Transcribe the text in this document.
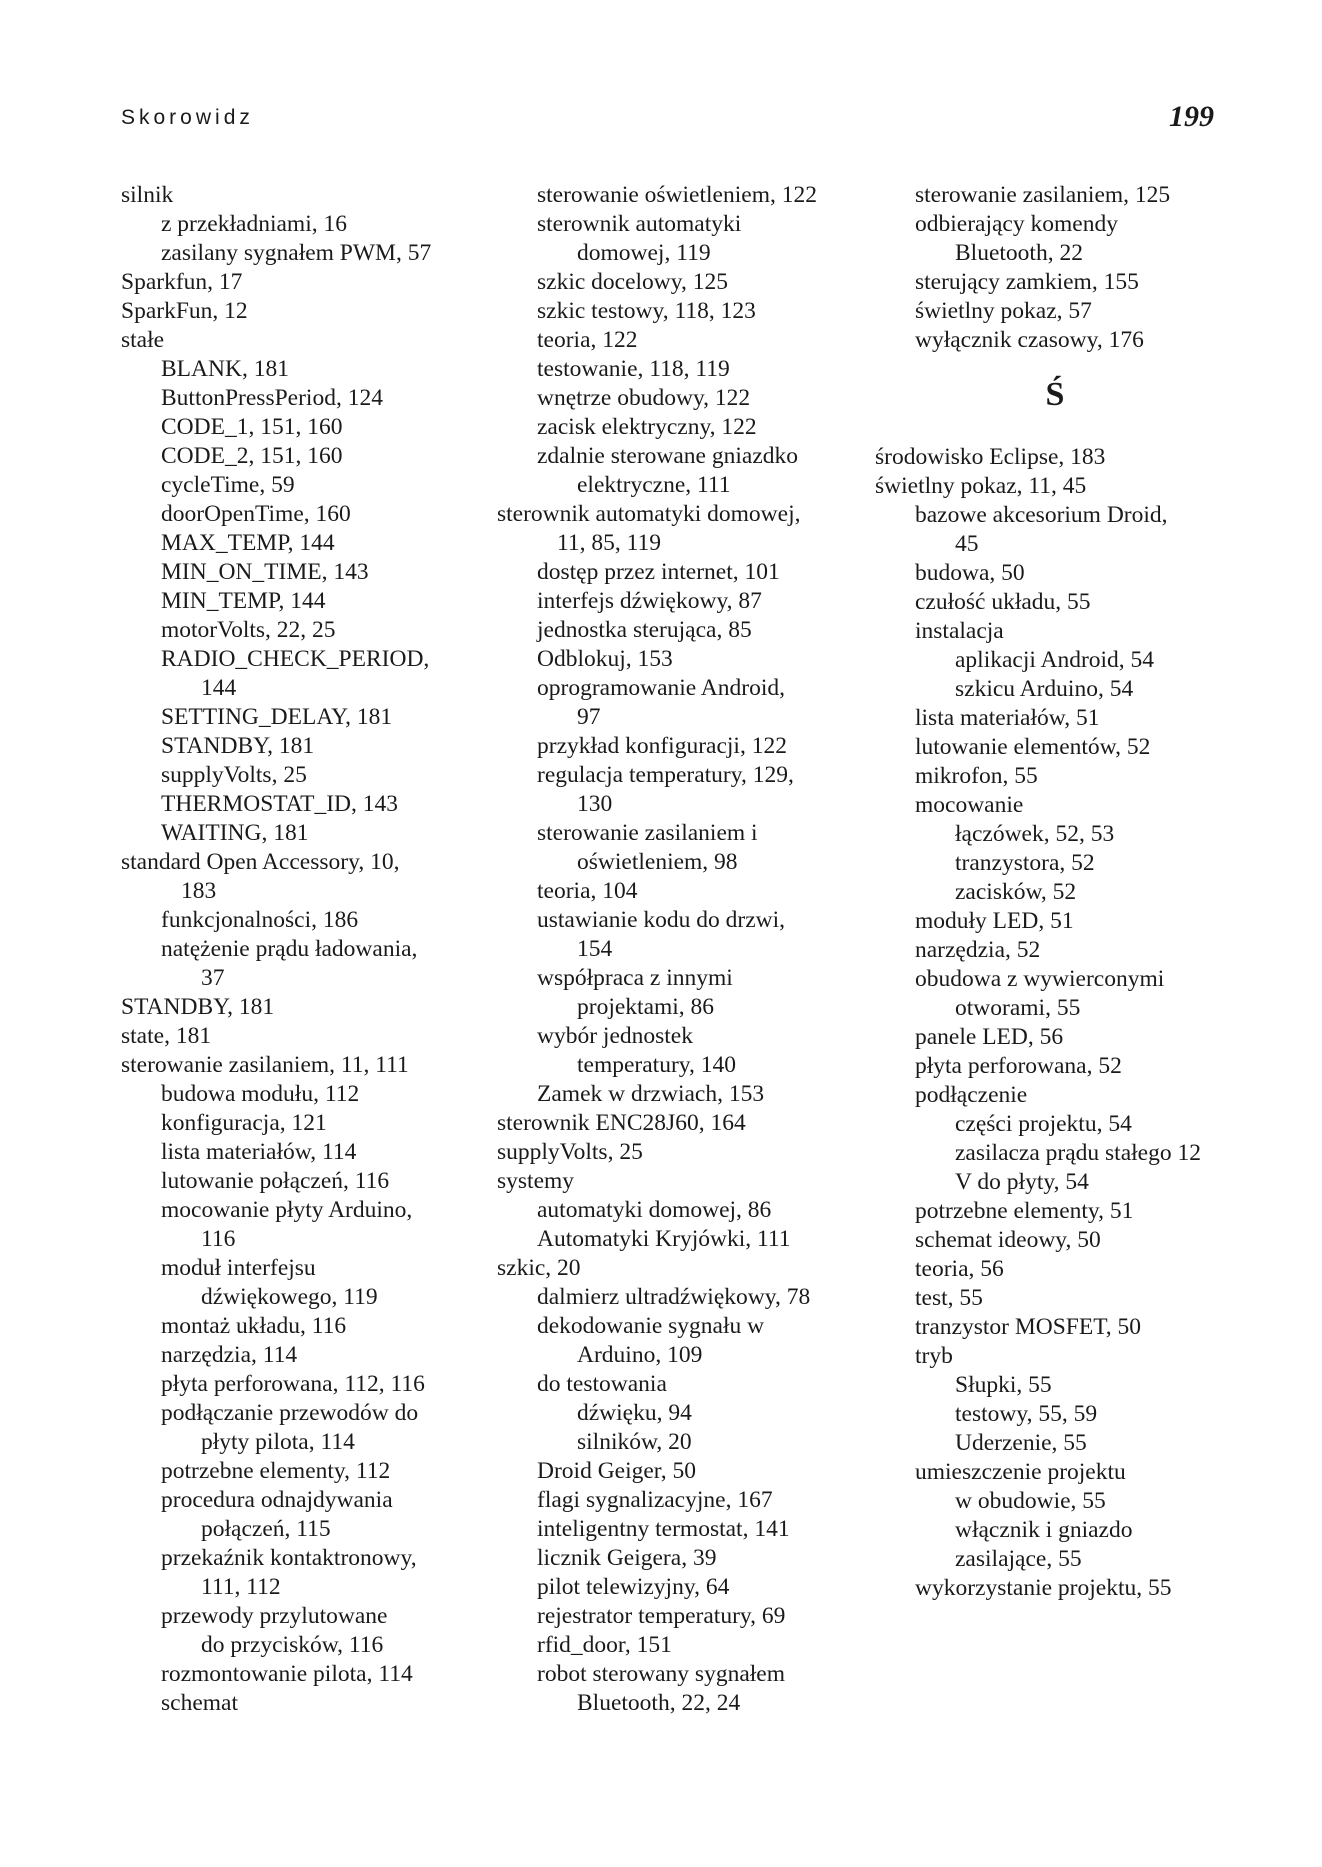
Skorowidz	199
silnik
z przekładniami, 16
zasilany sygnałem PWM, 57
Sparkfun, 17
SparkFun, 12
stałe
BLANK, 181
ButtonPressPeriod, 124
CODE_1, 151, 160
CODE_2, 151, 160
cycleTime, 59
doorOpenTime, 160
MAX_TEMP, 144
MIN_ON_TIME, 143
MIN_TEMP, 144
motorVolts, 22, 25
RADIO_CHECK_PERIOD,
144
SETTING_DELAY, 181
STANDBY, 181
supplyVolts, 25
THERMOSTAT_ID, 143
WAITING, 181
standard Open Accessory, 10,
183
funkcjonalności, 186
natężenie prądu ładowania,
37
STANDBY, 181
state, 181
sterowanie zasilaniem, 11, 111
budowa modułu, 112
konfiguracja, 121
lista materiałów, 114
lutowanie połączeń, 116
mocowanie płyty Arduino,
116
moduł interfejsu
dźwiękowego, 119
montaż układu, 116
narzędzia, 114
płyta perforowana, 112, 116
podłączanie przewodów do
płyty pilota, 114
potrzebne elementy, 112
procedura odnajdywania
połączeń, 115
przekaźnik kontaktronowy,
111, 112
przewody przylutowane
do przycisków, 116
rozmontowanie pilota, 114
schemat
sterowanie oświetleniem, 122
sterownik automatyki
domowej, 119
szkic docelowy, 125
szkic testowy, 118, 123
teoria, 122
testowanie, 118, 119
wnętrze obudowy, 122
zacisk elektryczny, 122
zdalnie sterowane gniazdko
elektryczne, 111
sterownik automatyki domowej,
11, 85, 119
dostęp przez internet, 101
interfejs dźwiękowy, 87
jednostka sterująca, 85
Odblokuj, 153
oprogramowanie Android,
97
przykład konfiguracji, 122
regulacja temperatury, 129,
130
sterowanie zasilaniem i
oświetleniem, 98
teoria, 104
ustawianie kodu do drzwi,
154
współpraca z innymi
projektami, 86
wybór jednostek
temperatury, 140
Zamek w drzwiach, 153
sterownik ENC28J60, 164
supplyVolts, 25
systemy
automatyki domowej, 86
Automatyki Kryjówki, 111
szkic, 20
dalmierz ultradźwiękowy, 78
dekodowanie sygnału w
Arduino, 109
do testowania
dźwięku, 94
silników, 20
Droid Geiger, 50
flagi sygnalizacyjne, 167
inteligentny termostat, 141
licznik Geigera, 39
pilot telewizyjny, 64
rejestrator temperatury, 69
rfid_door, 151
robot sterowany sygnałem
Bluetooth, 22, 24
sterowanie zasilaniem, 125
odbierający komendy
Bluetooth, 22
sterujący zamkiem, 155
świetlny pokaz, 57
wyłącznik czasowy, 176
Ś
środowisko Eclipse, 183
świetlny pokaz, 11, 45
bazowe akcesorium Droid,
45
budowa, 50
czułość układu, 55
instalacja
aplikacji Android, 54
szkicu Arduino, 54
lista materiałów, 51
lutowanie elementów, 52
mikrofon, 55
mocowanie
łączówek, 52, 53
tranzystora, 52
zacisków, 52
moduły LED, 51
narzędzia, 52
obudowa z wywierconymi
otworami, 55
panele LED, 56
płyta perforowana, 52
podłączenie
części projektu, 54
zasilacza prądu stałego 12
V do płyty, 54
potrzebne elementy, 51
schemat ideowy, 50
teoria, 56
test, 55
tranzystor MOSFET, 50
tryb
Słupki, 55
testowy, 55, 59
Uderzenie, 55
umieszczenie projektu
w obudowie, 55
włącznik i gniazdo
zasilające, 55
wykorzystanie projektu, 55
